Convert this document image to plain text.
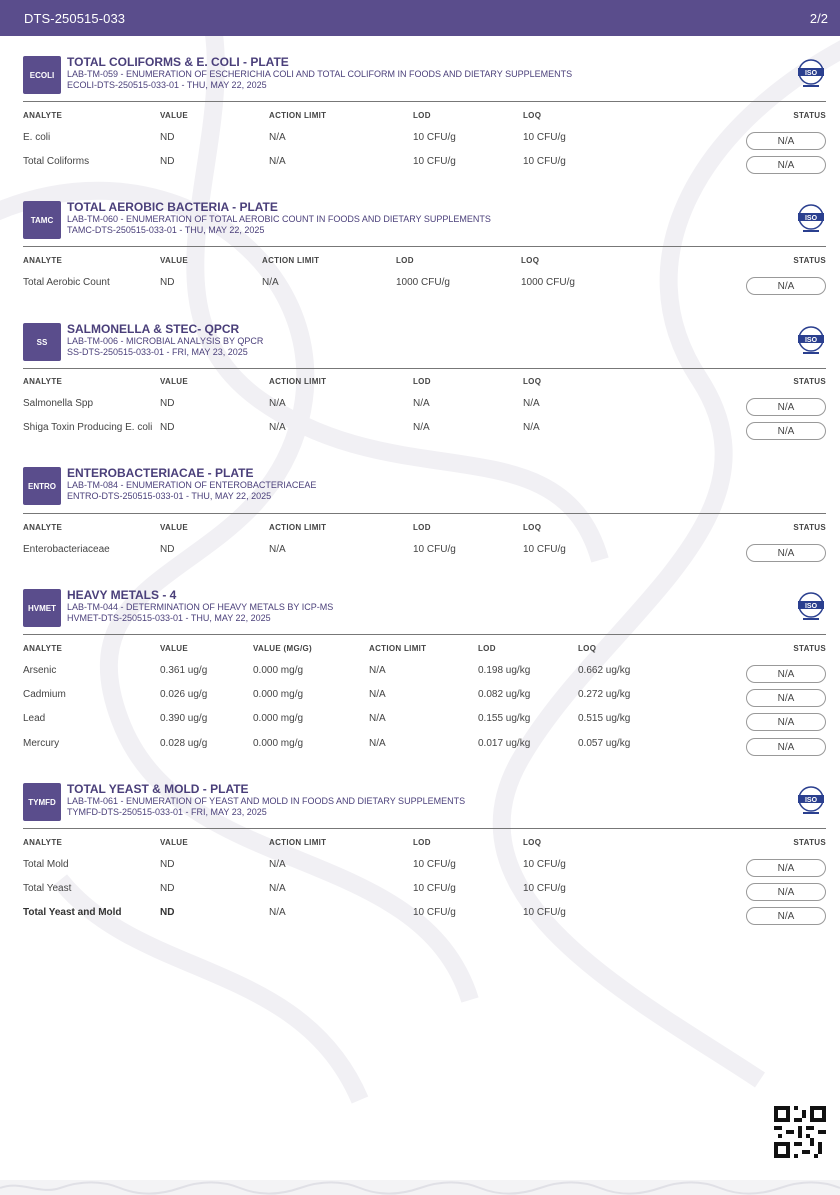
DTS-250515-033	2/2
ECOLI
TOTAL COLIFORMS & E. COLI - PLATE
LAB-TM-059 - ENUMERATION OF ESCHERICHIA COLI AND TOTAL COLIFORM IN FOODS AND DIETARY SUPPLEMENTS
ECOLI-DTS-250515-033-01 - THU, MAY 22, 2025
ISO
ANALYTE	VALUE	ACTION LIMIT	LOD	LOQ	STATUS
E. coli	ND	N/A	10 CFU/g	10 CFU/g	N/A
Total Coliforms	ND	N/A	10 CFU/g	10 CFU/g	N/A
TAMC
TOTAL AEROBIC BACTERIA - PLATE
LAB-TM-060 - ENUMERATION OF TOTAL AEROBIC COUNT IN FOODS AND DIETARY SUPPLEMENTS
TAMC-DTS-250515-033-01 - THU, MAY 22, 2025
ISO
ANALYTE	VALUE	ACTION LIMIT	LOD	LOQ	STATUS
Total Aerobic Count	ND	N/A	1000 CFU/g	1000 CFU/g	N/A
SS
SALMONELLA & STEC- QPCR
LAB-TM-006 - MICROBIAL ANALYSIS BY QPCR
SS-DTS-250515-033-01 - FRI, MAY 23, 2025
ISO
ANALYTE	VALUE	ACTION LIMIT	LOD	LOQ	STATUS
Salmonella Spp	ND	N/A	N/A	N/A	N/A
Shiga Toxin Producing E. coli ND	N/A	N/A	N/A	N/A
ENTRO
ENTEROBACTERIACAE - PLATE
LAB-TM-084 - ENUMERATION OF ENTEROBACTERIACEAE
ENTRO-DTS-250515-033-01 - THU, MAY 22, 2025
ANALYTE	VALUE	ACTION LIMIT	LOD	LOQ	STATUS
Enterobacteriaceae	ND	N/A	10 CFU/g	10 CFU/g	N/A
HVMET
HEAVY METALS - 4
LAB-TM-044 - DETERMINATION OF HEAVY METALS BY ICP-MS
HVMET-DTS-250515-033-01 - THU, MAY 22, 2025
ISO
ANALYTE	VALUE	VALUE (MG/G)	ACTION LIMIT	LOD	LOQ	STATUS
Arsenic	0.361 ug/g	0.000 mg/g	N/A	0.198 ug/kg	0.662 ug/kg	N/A
Cadmium	0.026 ug/g	0.000 mg/g	N/A	0.082 ug/kg	0.272 ug/kg	N/A
Lead	0.390 ug/g	0.000 mg/g	N/A	0.155 ug/kg	0.515 ug/kg	N/A
Mercury	0.028 ug/g	0.000 mg/g	N/A	0.017 ug/kg	0.057 ug/kg	N/A
TYMFD
TOTAL YEAST & MOLD - PLATE
LAB-TM-061 - ENUMERATION OF YEAST AND MOLD IN FOODS AND DIETARY SUPPLEMENTS
TYMFD-DTS-250515-033-01 - FRI, MAY 23, 2025
ISO
ANALYTE	VALUE	ACTION LIMIT	LOD	LOQ	STATUS
Total Mold	ND	N/A	10 CFU/g	10 CFU/g	N/A
Total Yeast	ND	N/A	10 CFU/g	10 CFU/g	N/A
Total Yeast and Mold	ND	N/A	10 CFU/g	10 CFU/g	N/A
